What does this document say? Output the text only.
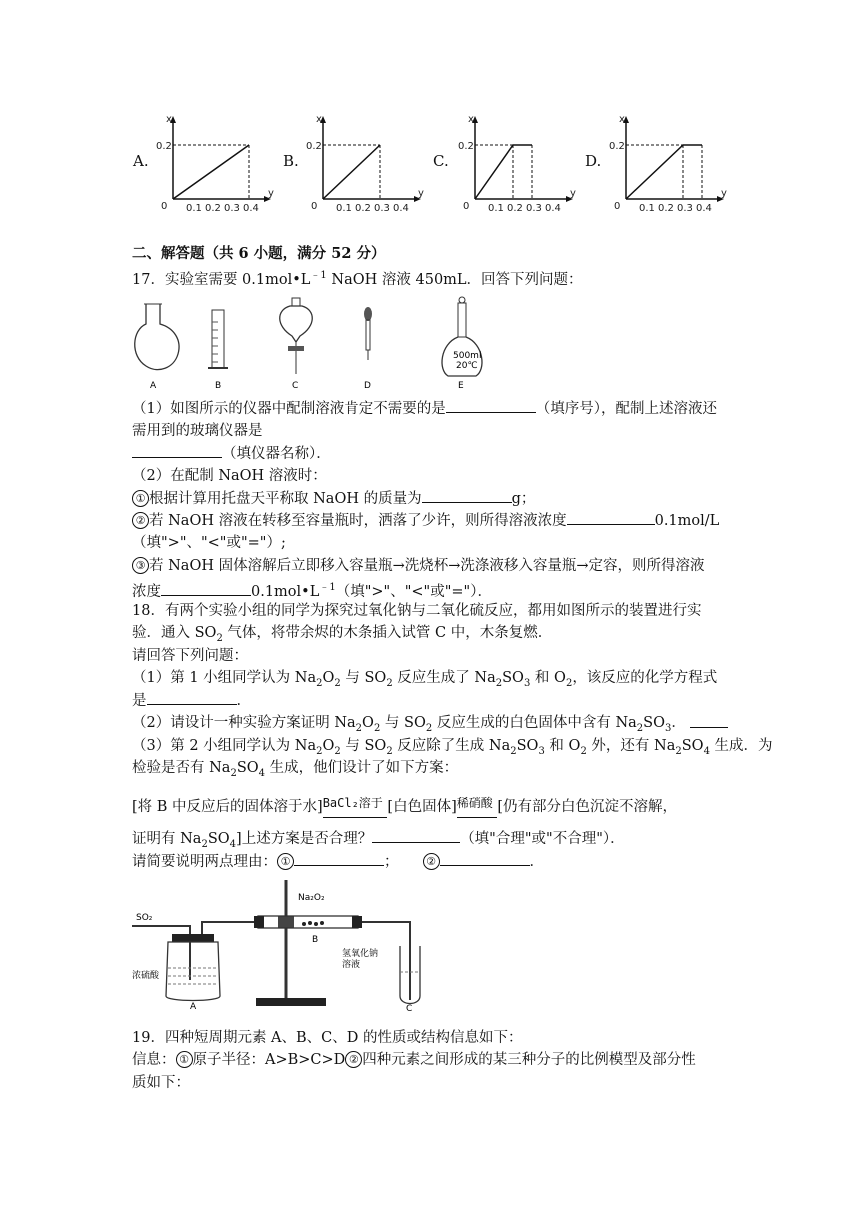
A.
x
y
0
0.2
0.1 0.2 0.3 0.4
B.
x
y
0
0.2
0.1 0.2 0.3 0.4
C.
x
y
0
0.2
0.1 0.2 0.3 0.4
D.
x
y
0
0.2
0.1 0.2 0.3 0.4
二、解答题（共 6 小题，满分 52 分）
17．实验室需要 $0.1mol•L^{﹣1}$ NaOH 溶液 450mL．回答下列问题：
500ml
20℃
A	B	C	D	E
（1）如图所示的仪器中配制溶液肯定不需要的是	（填序号），配制上述溶液还
需用到的玻璃仪器是
（填仪器名称）．
（2）在配制 NaOH 溶液时：
① 根据计算用托盘天平称取 NaOH 的质量为	g；
② 若 NaOH 溶液在转移至容量瓶时，洒落了少许，则所得溶液浓度	0.1mol/L
（填">"、"<"或"="）;
③ 若 NaOH 固体溶解后立即移入容量瓶→洗烧杯→洗涤液移入容量瓶→定容，则所得溶液
浓度	$0.1mol•L^{﹣1}$（填">"、"<"或"="）．
18．有两个实验小组的同学为探究过氧化钠与二氧化硫反应，都用如图所示的装置进行实
验．通入 $SO_2$ 气体，将带余烬的木条插入试管 C 中，木条复燃．
请回答下列问题：
（1）第 1 小组同学认为 $Na_2O_2$ 与 $SO_2$ 反应生成了 $Na_2SO_3$ 和 $O_2$，该反应的化学方程式
是	．
（2）请设计一种实验方案证明 $Na_2O_2$ 与 $SO_2$ 反应生成的白色固体中含有 $Na_2SO_3$．
（3）第 2 小组同学认为 $Na_2O_2$ 与 $SO_2$ 反应除了生成 $Na_2SO_3$ 和 $O_2$ 外，还有 $Na_2SO_4$ 生成．为
检验是否有 $Na_2SO_4$ 生成，他们设计了如下方案：
[将 B 中反应后的固体溶于水]BaCl₂溶于 [白色固体]稀硝酸 [仍有部分白色沉淀不溶解，
证明有 $Na_2SO_4$]上述方案是否合理？	（填"合理"或"不合理"）．
请简要说明两点理由： ①	；	②	．
SO₂
浓硫酸
A
Na₂O₂
B
氢氧化钠
溶液
C
19．四种短周期元素 A、B、C、D 的性质或结构信息如下：
信息： ① 原子半径：A>B>C>D ② 四种元素之间形成的某三种分子的比例模型及部分性
质如下：
